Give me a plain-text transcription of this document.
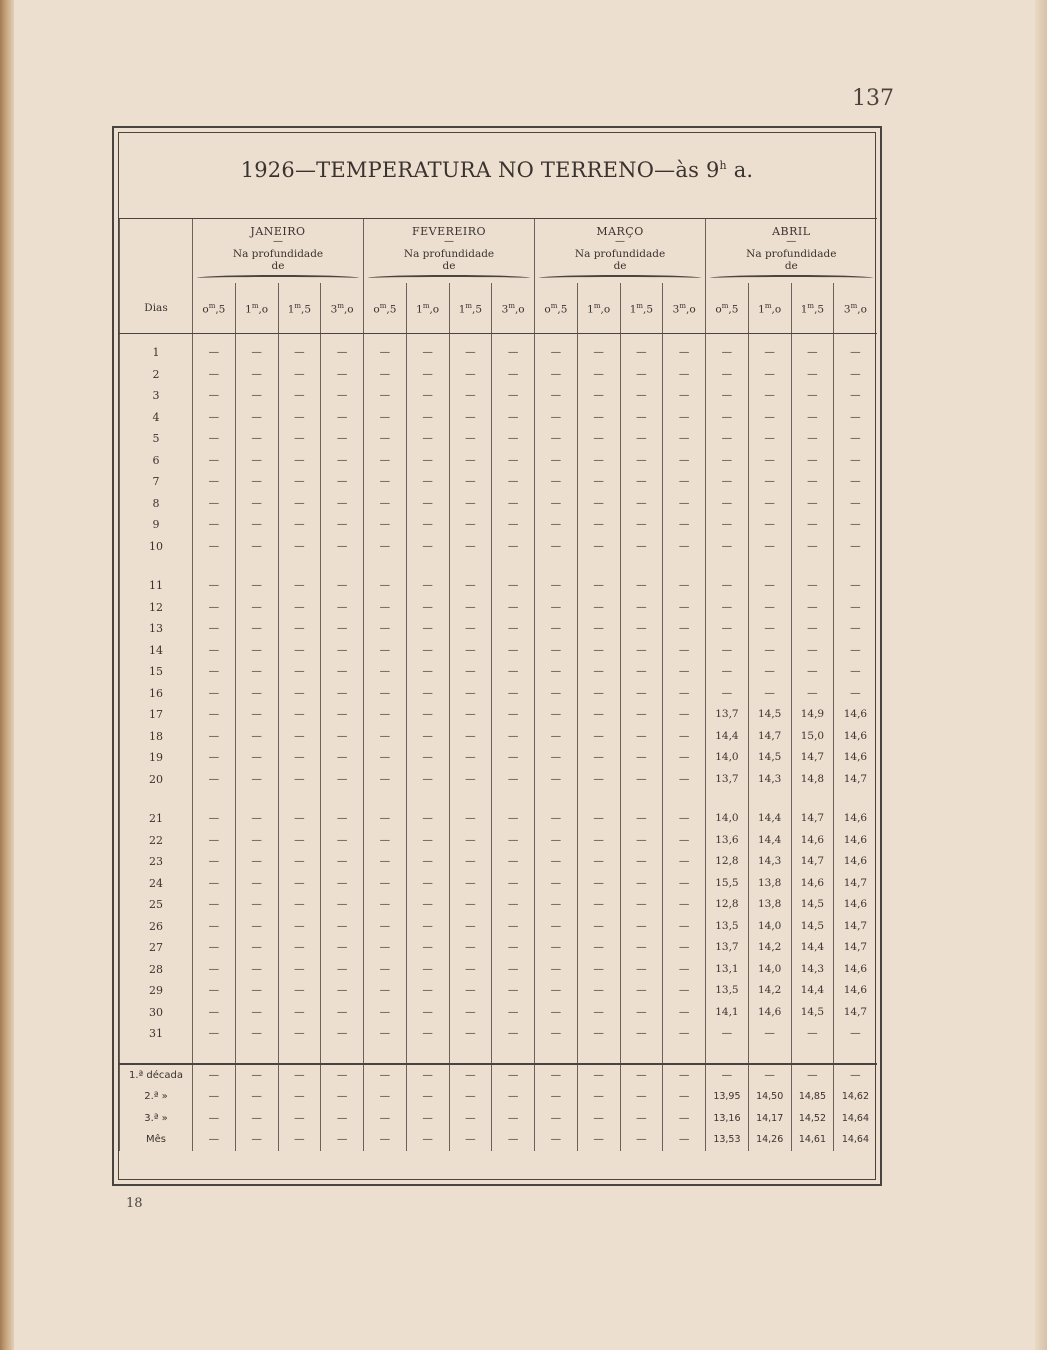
137
1926—TEMPERATURA NO TERRENO—às 9$^h$ a.

	JANEIRO
—
Na profundidade
de				FEVEREIRO
—
Na profundidade
de				MARÇO
—
Na profundidade
de				ABRIL
—
Na profundidade
de			

Dias	$o^m,5$	1$^m$,o	1$^m$,5	3$^m$,o	$o^m,5$	1$^m$,o	1$^m$,5	3$^m$,o	$o^m,5$	1$^m$,o	1$^m$,5	3$^m$,o	$o^m,5$	1$^m$,o	1$^m$,5	3$^m$,o
1	—	—	—	—	—	—	—	—	—	—	—	—	—	—	—	—
2	—	—	—	—	—	—	—	—	—	—	—	—	—	—	—	—
3	—	—	—	—	—	—	—	—	—	—	—	—	—	—	—	—
4	—	—	—	—	—	—	—	—	—	—	—	—	—	—	—	—
5	—	—	—	—	—	—	—	—	—	—	—	—	—	—	—	—
6	—	—	—	—	—	—	—	—	—	—	—	—	—	—	—	—
7	—	—	—	—	—	—	—	—	—	—	—	—	—	—	—	—
8	—	—	—	—	—	—	—	—	—	—	—	—	—	—	—	—
9	—	—	—	—	—	—	—	—	—	—	—	—	—	—	—	—
10	—	—	—	—	—	—	—	—	—	—	—	—	—	—	—	—

11	—	—	—	—	—	—	—	—	—	—	—	—	—	—	—	—
12	—	—	—	—	—	—	—	—	—	—	—	—	—	—	—	—
13	—	—	—	—	—	—	—	—	—	—	—	—	—	—	—	—
14	—	—	—	—	—	—	—	—	—	—	—	—	—	—	—	—
15	—	—	—	—	—	—	—	—	—	—	—	—	—	—	—	—
16	—	—	—	—	—	—	—	—	—	—	—	—	—	—	—	—
17	—	—	—	—	—	—	—	—	—	—	—	—	13,7	14,5	14,9	14,6
18	—	—	—	—	—	—	—	—	—	—	—	—	14,4	14,7	15,0	14,6
19	—	—	—	—	—	—	—	—	—	—	—	—	14,0	14,5	14,7	14,6
20	—	—	—	—	—	—	—	—	—	—	—	—	13,7	14,3	14,8	14,7

21	—	—	—	—	—	—	—	—	—	—	—	—	14,0	14,4	14,7	14,6
22	—	—	—	—	—	—	—	—	—	—	—	—	13,6	14,4	14,6	14,6
23	—	—	—	—	—	—	—	—	—	—	—	—	12,8	14,3	14,7	14,6
24	—	—	—	—	—	—	—	—	—	—	—	—	15,5	13,8	14,6	14,7
25	—	—	—	—	—	—	—	—	—	—	—	—	12,8	13,8	14,5	14,6
26	—	—	—	—	—	—	—	—	—	—	—	—	13,5	14,0	14,5	14,7
27	—	—	—	—	—	—	—	—	—	—	—	—	13,7	14,2	14,4	14,7
28	—	—	—	—	—	—	—	—	—	—	—	—	13,1	14,0	14,3	14,6
29	—	—	—	—	—	—	—	—	—	—	—	—	13,5	14,2	14,4	14,6
30	—	—	—	—	—	—	—	—	—	—	—	—	14,1	14,6	14,5	14,7
31	—	—	—	—	—	—	—	—	—	—	—	—	—	—	—	—

1.ª década	—	—	—	—	—	—	—	—	—	—	—	—	—	—	—	—
2.ª »	—	—	—	—	—	—	—	—	—	—	—	—	13,95	14,50	14,85	14,62
3.ª »	—	—	—	—	—	—	—	—	—	—	—	—	13,16	14,17	14,52	14,64
Mês	—	—	—	—	—	—	—	—	—	—	—	—	13,53	14,26	14,61	14,64
18
